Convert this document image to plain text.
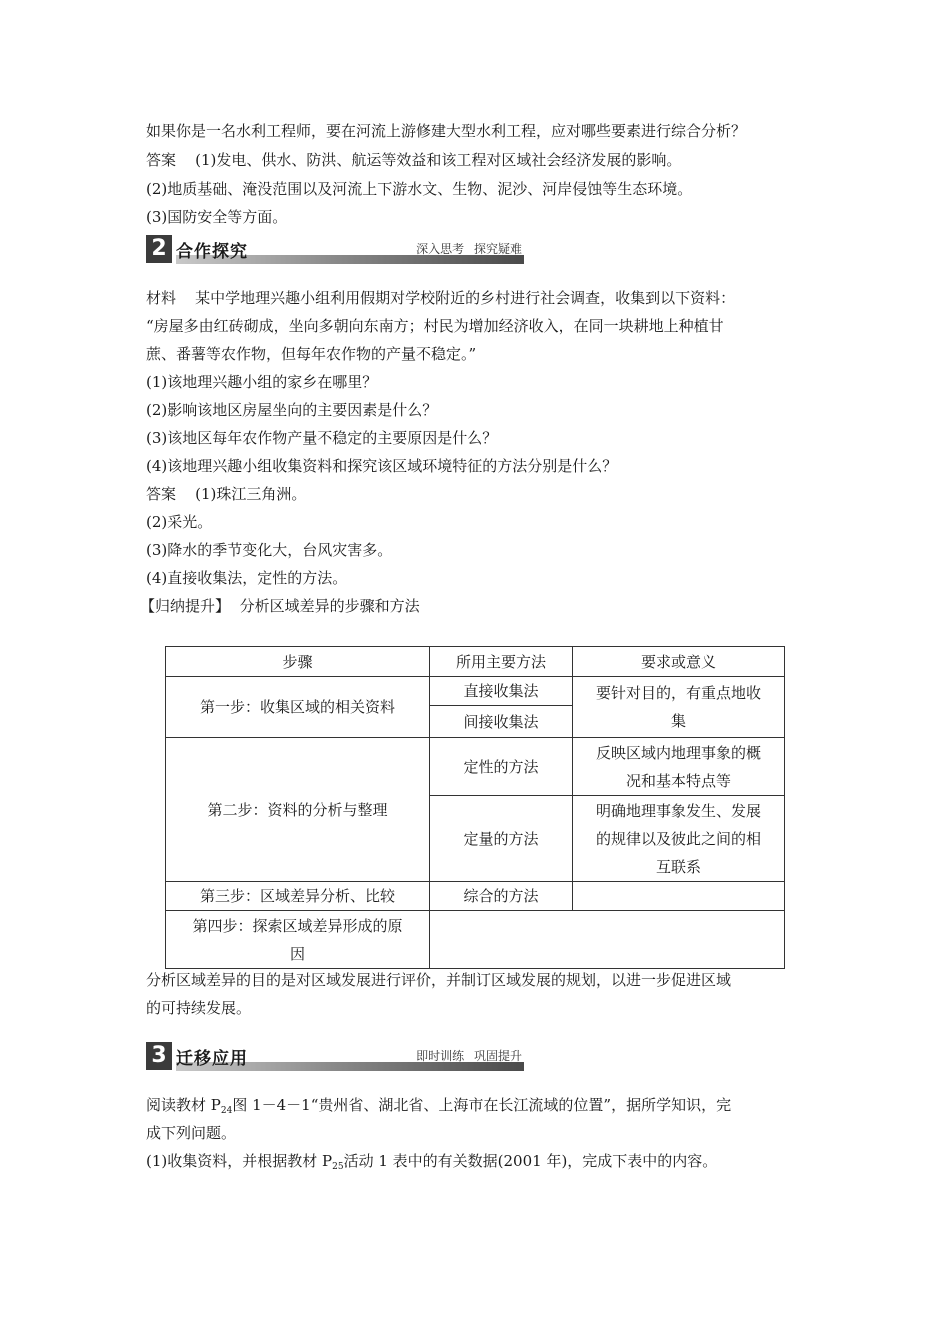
如果你是一名水利工程师，要在河流上游修建大型水利工程，应对哪些要素进行综合分析？
答案 (1)发电、供水、防洪、航运等效益和该工程对区域社会经济发展的影响。
(2)地质基础、淹没范围以及河流上下游水文、生物、泥沙、河岸侵蚀等生态环境。
(3)国防安全等方面。
2 合作探究	深入思考 探究疑难
材料 某中学地理兴趣小组利用假期对学校附近的乡村进行社会调查，收集到以下资料：
“房屋多由红砖砌成，坐向多朝向东南方；村民为增加经济收入，在同一块耕地上种植甘
蔗、番薯等农作物，但每年农作物的产量不稳定。”
(1)该地理兴趣小组的家乡在哪里？
(2)影响该地区房屋坐向的主要因素是什么？
(3)该地区每年农作物产量不稳定的主要原因是什么？
(4)该地理兴趣小组收集资料和探究该区域环境特征的方法分别是什么？
答案 (1)珠江三角洲。
(2)采光。
(3)降水的季节变化大，台风灾害多。
(4)直接收集法，定性的方法。
【归纳提升】 分析区域差异的步骤和方法
步骤	所用主要方法	要求或意义
第一步：收集区域的相关资料	直接收集法	要针对目的，有重点地收
集

	间接收集法	
第二步：资料的分析与整理	定性的方法	反映区域内地理事象的概
况和基本特点等

	定量的方法	明确地理事象发生、发展
的规律以及彼此之间的相
互联系

第三步：区域差异分析、比较	综合的方法	

第四步：探索区域差异形成的原
因		

分析区域差异的目的是对区域发展进行评价，并制订区域发展的规划，以进一步促进区域
的可持续发展。
3 迁移应用	即时训练 巩固提升
阅读教材 $P_{24}$图 1－4－1“贵州省、湖北省、上海市在长江流域的位置”，据所学知识，完
成下列问题。
(1)收集资料，并根据教材 $P_{25}$活动 1 表中的有关数据(2001 年)，完成下表中的内容。
